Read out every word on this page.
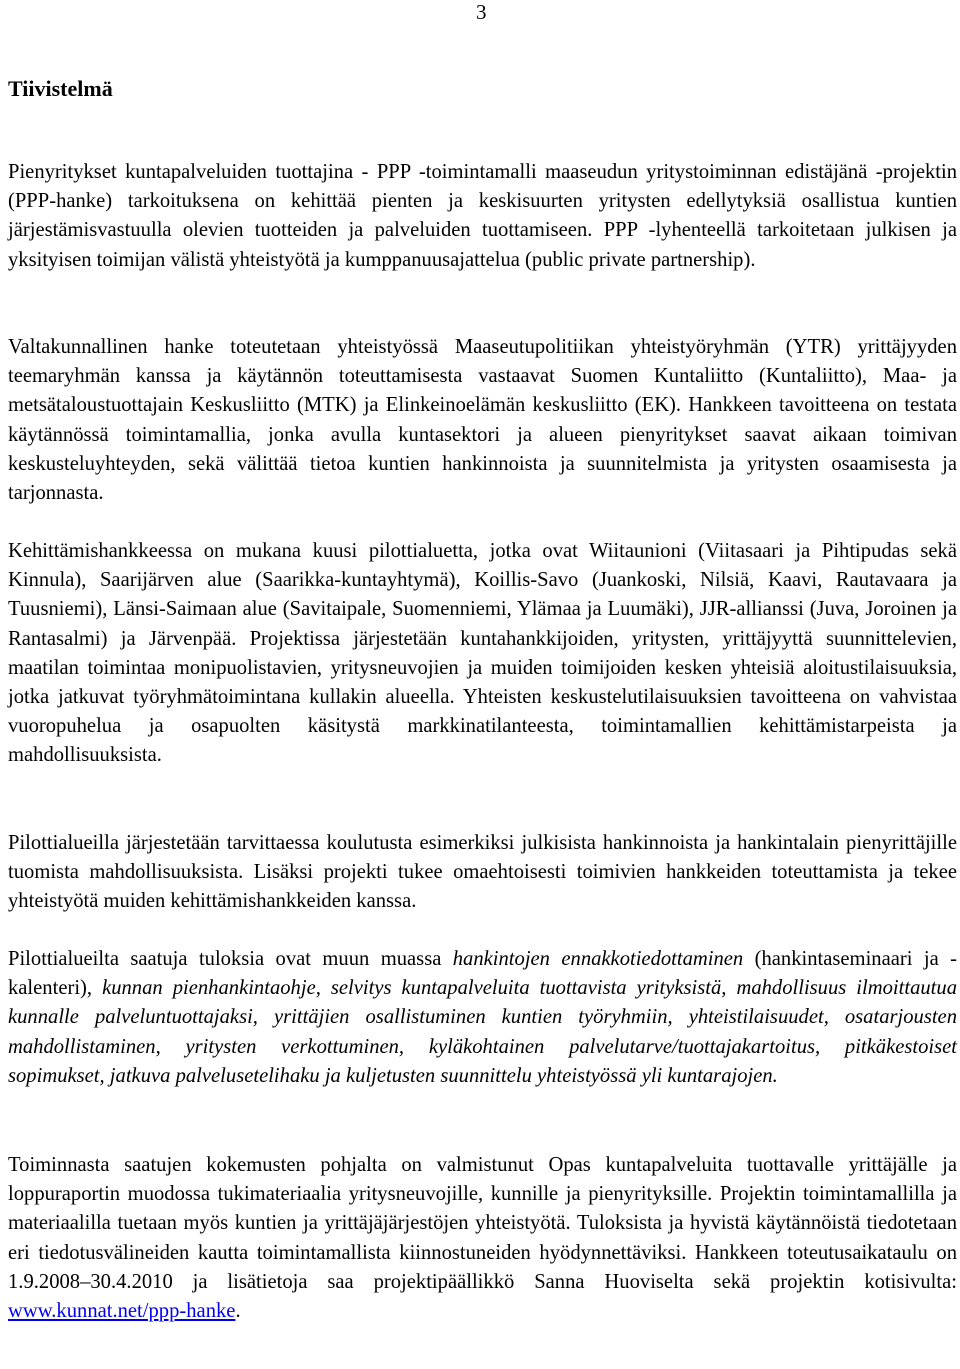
3
Tiivistelmä

Pienyritykset kuntapalveluiden tuottajina - PPP -toimintamalli maaseudun yritystoiminnan edistäjänä -projektin (PPP-hanke) tarkoituksena on kehittää pienten ja keskisuurten yritysten edellytyksiä osallistua kuntien järjestämisvastuulla olevien tuotteiden ja palveluiden tuottamiseen. PPP -lyhenteellä tarkoitetaan julkisen ja yksityisen toimijan välistä yhteistyötä ja kumppanuusajattelua (public private partnership).

Valtakunnallinen hanke toteutetaan yhteistyössä Maaseutupolitiikan yhteistyöryhmän (YTR) yrittäjyyden teemaryhmän kanssa ja käytännön toteuttamisesta vastaavat Suomen Kuntaliitto (Kuntaliitto), Maa- ja metsätaloustuottajain Keskusliitto (MTK) ja Elinkeinoelämän keskusliitto (EK). Hankkeen tavoitteena on testata käytännössä toimintamallia, jonka avulla kuntasektori ja alueen pienyritykset saavat aikaan toimivan keskusteluyhteyden, sekä välittää tietoa kuntien hankinnoista ja suunnitelmista ja yritysten osaamisesta ja tarjonnasta.

Kehittämishankkeessa on mukana kuusi pilottialuetta, jotka ovat Wiitaunioni (Viitasaari ja Pihtipudas sekä Kinnula), Saarijärven alue (Saarikka-kuntayhtymä), Koillis-Savo (Juankoski, Nilsiä, Kaavi, Rautavaara ja Tuusniemi), Länsi-Saimaan alue (Savitaipale, Suomenniemi, Ylämaa ja Luumäki), JJR-allianssi (Juva, Joroinen ja Rantasalmi) ja Järvenpää. Projektissa järjestetään kuntahankkijoiden, yritysten, yrittäjyyttä suunnittelevien, maatilan toimintaa monipuolistavien, yritysneuvojien ja muiden toimijoiden kesken yhteisiä aloitustilaisuuksia, jotka jatkuvat työryhmätoimintana kullakin alueella. Yhteisten keskustelutilaisuuksien tavoitteena on vahvistaa vuoropuhelua ja osapuolten käsitystä markkinatilanteesta, toimintamallien kehittämistarpeista ja mahdollisuuksista.

Pilottialueilla järjestetään tarvittaessa koulutusta esimerkiksi julkisista hankinnoista ja hankintalain pienyrittäjille tuomista mahdollisuuksista. Lisäksi projekti tukee omaehtoisesti toimivien hankkeiden toteuttamista ja tekee yhteistyötä muiden kehittämishankkeiden kanssa.

Pilottialueilta saatuja tuloksia ovat muun muassa hankintojen ennakkotiedottaminen (hankintaseminaari ja -kalenteri), kunnan pienhankintaohje, selvitys kuntapalveluita tuottavista yrityksistä, mahdollisuus ilmoittautua kunnalle palveluntuottajaksi, yrittäjien osallistuminen kuntien työryhmiin, yhteistilaisuudet, osatarjousten mahdollistaminen, yritysten verkottuminen, kyläkohtainen palvelutarve/tuottajakartoitus, pitkäkestoiset sopimukset, jatkuva palvelusetelihaku ja kuljetusten suunnittelu yhteistyössä yli kuntarajojen.

Toiminnasta saatujen kokemusten pohjalta on valmistunut Opas kuntapalveluita tuottavalle yrittäjälle ja loppuraportin muodossa tukimateriaalia yritysneuvojille, kunnille ja pienyrityksille. Projektin toimintamallilla ja materiaalilla tuetaan myös kuntien ja yrittäjäjärjestöjen yhteistyötä. Tuloksista ja hyvistä käytännöistä tiedotetaan eri tiedotusvälineiden kautta toimintamallista kiinnostuneiden hyödynnettäviksi. Hankkeen toteutusaikataulu on 1.9.2008–30.4.2010 ja lisätietoja saa projektipäällikkö Sanna Huoviselta sekä projektin kotisivulta: www.kunnat.net/ppp-hanke.
